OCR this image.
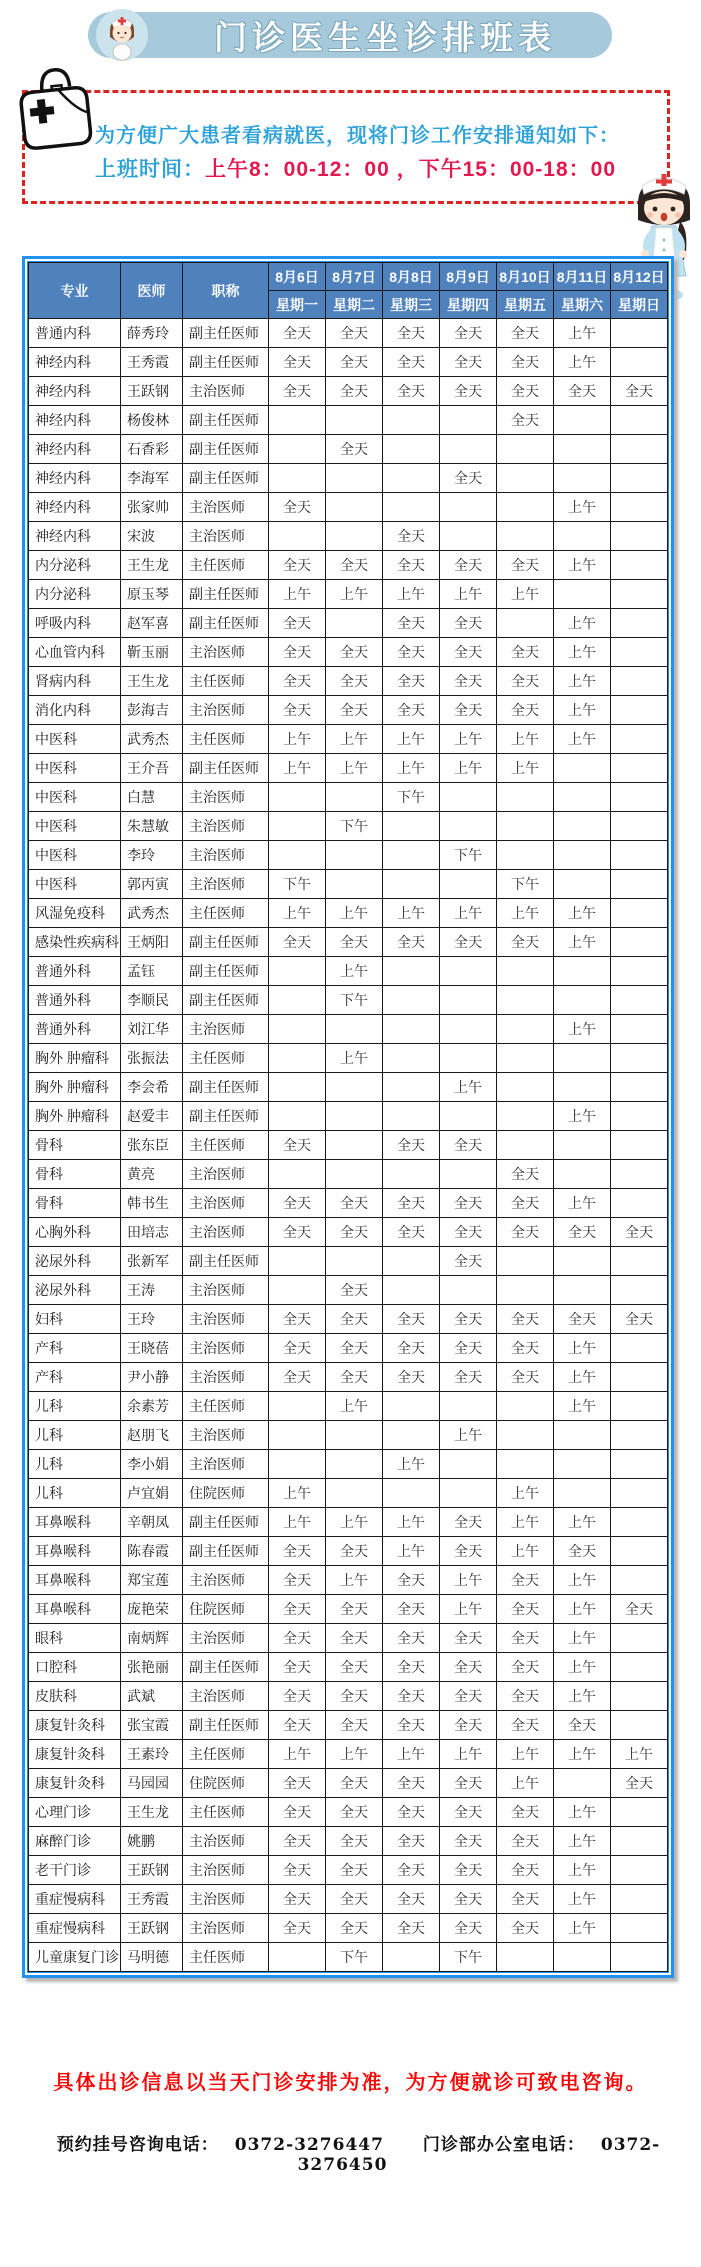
门诊医生坐诊排班表
为方便广大患者看病就医，现将门诊工作安排通知如下：
上班时间：上午8：00-12：00 ，下午15：00-18：00
专业	医师	职称	8月6日	8月7日	8月8日	8月9日	8月10日	8月11日	8月12日
			星期一	星期二	星期三	星期四	星期五	星期六	星期日
普通内科	薛秀玲	副主任医师	全天	全天	全天	全天	全天	上午	
神经内科	王秀霞	副主任医师	全天	全天	全天	全天	全天	上午	
神经内科	王跃钢	主治医师	全天	全天	全天	全天	全天	全天	全天
神经内科	杨俊林	副主任医师					全天		
神经内科	石香彩	副主任医师		全天					
神经内科	李海军	副主任医师				全天			
神经内科	张家帅	主治医师	全天					上午	
神经内科	宋波	主治医师			全天				
内分泌科	王生龙	主任医师	全天	全天	全天	全天	全天	上午	
内分泌科	原玉琴	副主任医师	上午	上午	上午	上午	上午		
呼吸内科	赵军喜	副主任医师	全天		全天	全天		上午	
心血管内科	靳玉丽	主治医师	全天	全天	全天	全天	全天	上午	
肾病内科	王生龙	主任医师	全天	全天	全天	全天	全天	上午	
消化内科	彭海吉	主治医师	全天	全天	全天	全天	全天	上午	
中医科	武秀杰	主任医师	上午	上午	上午	上午	上午	上午	
中医科	王介吾	副主任医师	上午	上午	上午	上午	上午		
中医科	白慧	主治医师			下午				
中医科	朱慧敏	主治医师		下午					
中医科	李玲	主治医师				下午			
中医科	郭丙寅	主治医师	下午				下午		
风湿免疫科	武秀杰	主任医师	上午	上午	上午	上午	上午	上午	
感染性疾病科	王炳阳	副主任医师	全天	全天	全天	全天	全天	上午	
普通外科	孟钰	副主任医师		上午					
普通外科	李顺民	副主任医师		下午					
普通外科	刘江华	主治医师						上午	
胸外 肿瘤科	张振法	主任医师		上午					
胸外 肿瘤科	李会希	副主任医师				上午			
胸外 肿瘤科	赵爱丰	副主任医师						上午	
骨科	张东臣	主任医师	全天		全天	全天			
骨科	黄亮	主治医师					全天		
骨科	韩书生	主治医师	全天	全天	全天	全天	全天	上午	
心胸外科	田培志	主治医师	全天	全天	全天	全天	全天	全天	全天
泌尿外科	张新军	副主任医师				全天			
泌尿外科	王涛	主治医师		全天					
妇科	王玲	主治医师	全天	全天	全天	全天	全天	全天	全天
产科	王晓蓓	主治医师	全天	全天	全天	全天	全天	上午	
产科	尹小静	主治医师	全天	全天	全天	全天	全天	上午	
儿科	余素芳	主任医师		上午				上午	
儿科	赵朋飞	主治医师				上午			
儿科	李小娟	主治医师			上午				
儿科	卢宜娟	住院医师	上午				上午		
耳鼻喉科	辛朝凤	副主任医师	上午	上午	上午	全天	上午	上午	
耳鼻喉科	陈春霞	副主任医师	全天	全天	上午	全天	上午	全天	
耳鼻喉科	郑宝莲	主治医师	全天	上午	全天	上午	全天	上午	
耳鼻喉科	庞艳荣	住院医师	全天	全天	全天	上午	全天	上午	全天
眼科	南炳辉	主治医师	全天	全天	全天	全天	全天	上午	
口腔科	张艳丽	副主任医师	全天	全天	全天	全天	全天	上午	
皮肤科	武斌	主治医师	全天	全天	全天	全天	全天	上午	
康复针灸科	张宝霞	副主任医师	全天	全天	全天	全天	全天	全天	
康复针灸科	王素玲	主任医师	上午	上午	上午	上午	上午	上午	上午
康复针灸科	马园园	住院医师	全天	全天	全天	全天	上午		全天
心理门诊	王生龙	主任医师	全天	全天	全天	全天	全天	上午	
麻醉门诊	姚鹏	主治医师	全天	全天	全天	全天	全天	上午	
老干门诊	王跃钢	主治医师	全天	全天	全天	全天	全天	上午	
重症慢病科	王秀霞	主治医师	全天	全天	全天	全天	全天	上午	
重症慢病科	王跃钢	主治医师	全天	全天	全天	全天	全天	上午	
儿童康复门诊	马明德	主任医师		下午		下午			
具体出诊信息以当天门诊安排为准，为方便就诊可致电咨询。
预约挂号咨询电话： 0372-3276447 门诊部办公室电话： 0372-3276450
